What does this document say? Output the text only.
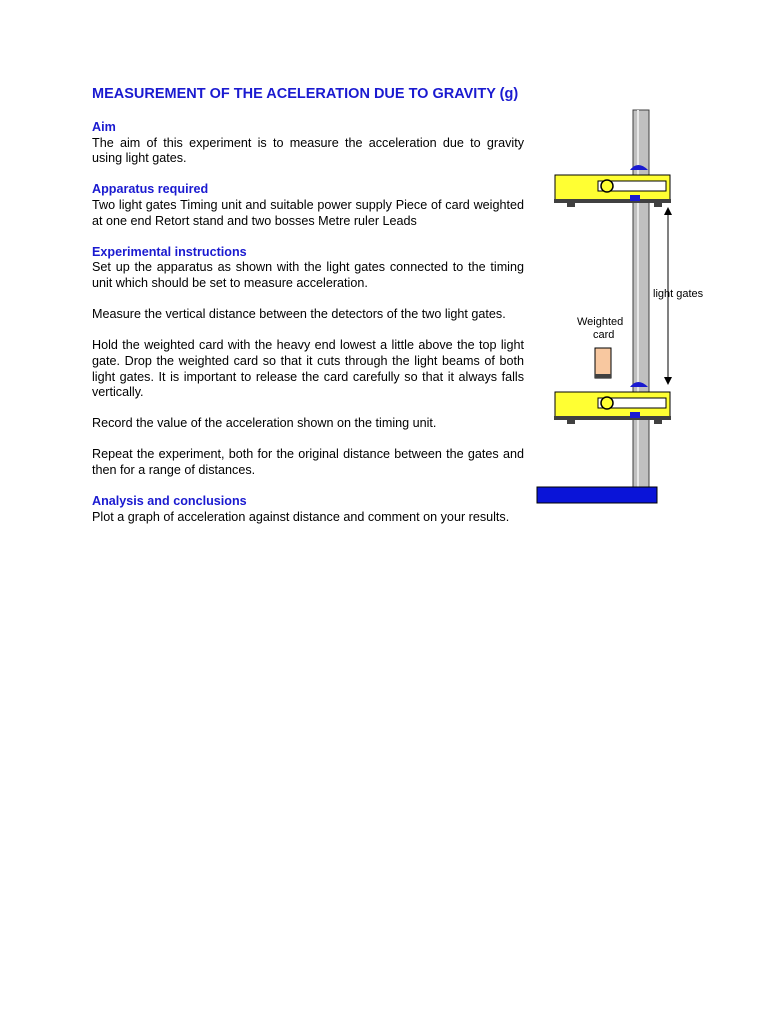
MEASUREMENT OF THE ACELERATION DUE TO GRAVITY (g)
Aim

The aim of this experiment is to measure the acceleration due to gravity using light gates.

Apparatus required

Two light gates Timing unit and suitable power supply Piece of card weighted at one end Retort stand and two bosses Metre ruler Leads

Experimental instructions

Set up the apparatus as shown with the light gates connected to the timing unit which should be set to measure acceleration.

Measure the vertical distance between the detectors of the two light gates.

Hold the weighted card with the heavy end lowest a little above the top light gate. Drop the weighted card so that it cuts through the light beams of both light gates. It is important to release the card carefully so that it always falls vertically.

Record the value of the acceleration shown on the timing unit.

Repeat the experiment, both for the original distance between the gates and then for a range of distances.

Analysis and conclusions

Plot a graph of acceleration against distance and comment on your results.

light gates
Weighted
card
